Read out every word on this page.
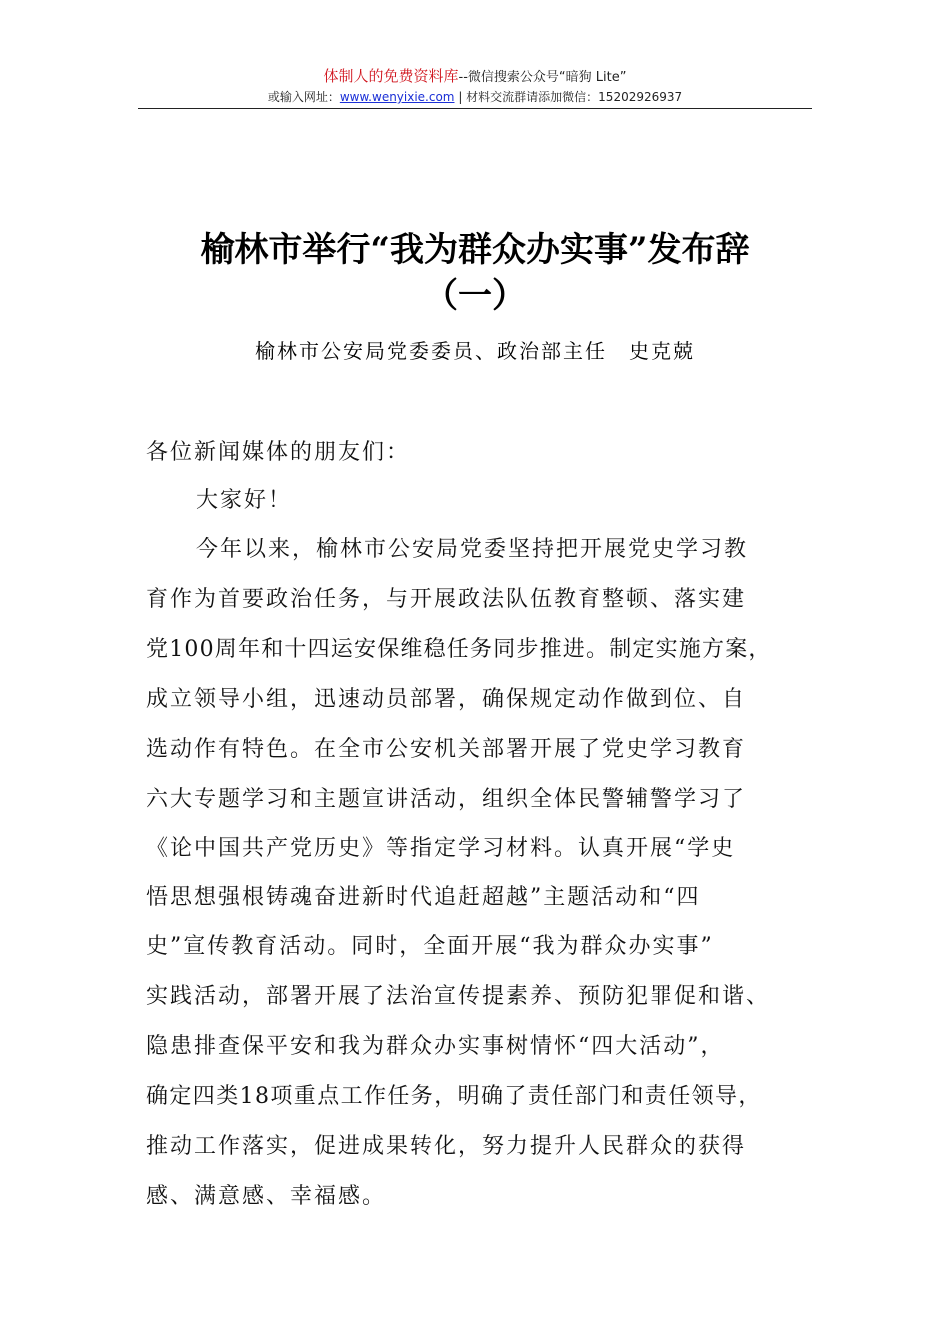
体制人的免费资料库--微信搜索公众号“暗狗 Lite”
或输入网址：www.wenyixie.com | 材料交流群请添加微信：15202926937
榆林市举行“我为群众办实事”发布辞
（一）
榆林市公安局党委委员、政治部主任　史克兢
各位新闻媒体的朋友们：
大家好！
今年以来，榆林市公安局党委坚持把开展党史学习教
育作为首要政治任务，与开展政法队伍教育整顿、落实建
党100周年和十四运安保维稳任务同步推进。制定实施方案，
成立领导小组，迅速动员部署，确保规定动作做到位、自
选动作有特色。在全市公安机关部署开展了党史学习教育
六大专题学习和主题宣讲活动，组织全体民警辅警学习了
《论中国共产党历史》等指定学习材料。认真开展“学史
悟思想强根铸魂奋进新时代追赶超越”主题活动和“四
史”宣传教育活动。同时，全面开展“我为群众办实事”
实践活动，部署开展了法治宣传提素养、预防犯罪促和谐、
隐患排查保平安和我为群众办实事树情怀“四大活动”，
确定四类18项重点工作任务，明确了责任部门和责任领导，
推动工作落实，促进成果转化，努力提升人民群众的获得
感、满意感、幸福感。
